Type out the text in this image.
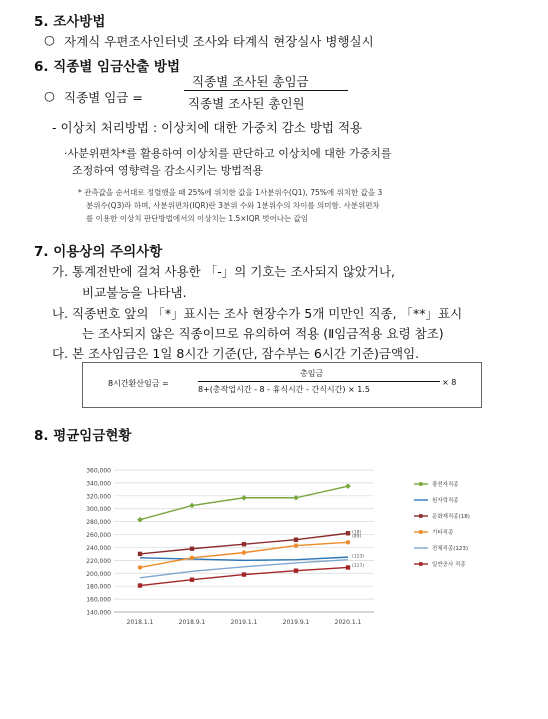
5. 조사방법
○ 자계식 우편조사인터넷 조사와 타계식 현장실사 병행실시
6. 직종별 임금산출 방법
○ 직종별 임금 =
직종별 조사된 총임금
직종별 조사된 총인원
- 이상치 처리방법 : 이상치에 대한 가중치 감소 방법 적용
·사분위편차*를 활용하여 이상치를 판단하고 이상치에 대한 가중치를
조정하여 영향력을 감소시키는 방법적용
* 관측값을 순서대로 정렬했을 때 25%에 위치한 값을 1사분위수(Q1), 75%에 위치한 값을 3
분위수(Q3)라 하며, 사분위편차(IQR)란 3분위 수와 1분위수의 차이를 의미함. 사분위편차
를 이용한 이상치 판단방법에서의 이상치는 1.5×IQR 벗어나는 값임
7. 이용상의 주의사항
가. 통계전반에 걸쳐 사용한 「-」의 기호는 조사되지 않았거나,
비교불능을 나타냄.
나. 직종번호 앞의 「*」표시는 조사 현장수가 5개 미만인 직종, 「**」표시
는 조사되지 않은 직종이므로 유의하여 적용 (Ⅱ임금적용 요령 참조)
다. 본 조사임금은 1일 8시간 기준(단, 잠수부는 6시간 기준)금액임.
8시간환산임금 =
총임금
8+(총작업시간 - 8 - 휴식시간 - 간식시간) × 1.5
× 8
8. 평균임금현황
140,000
160,000
180,000
200,000
220,000
240,000
260,000
280,000
300,000
320,000
340,000
360,000
2018.1.1	2018.9.1	2019.1.1	2019.9.1	2020.1.1
광전자직종
원자력직종
문화재직종(18)
기타직종
전체직종(123)
일반공사 직종
(18)
(89)
(123)
(117)
